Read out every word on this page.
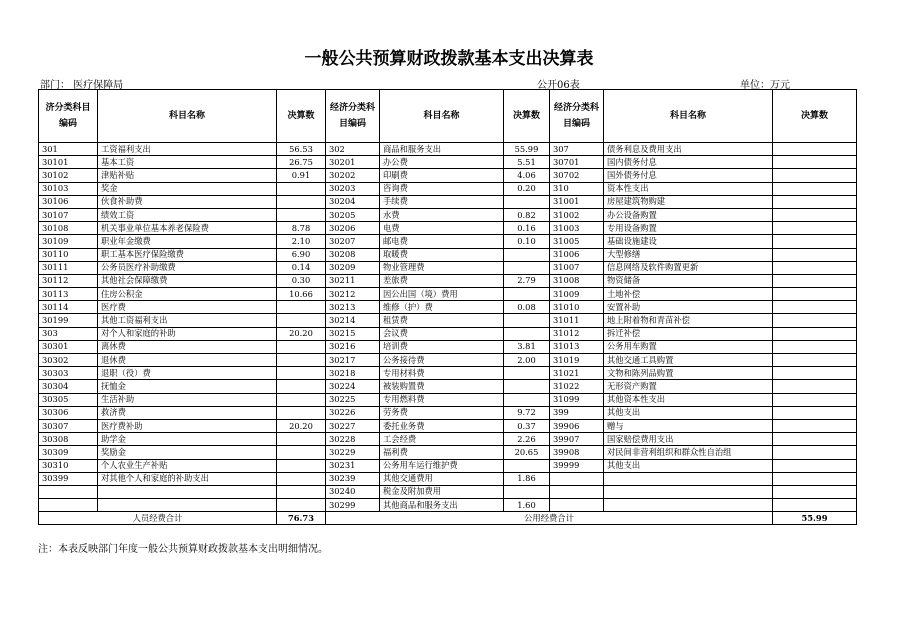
一般公共预算财政拨款基本支出决算表
部门： 医疗保障局	公开06表	单位：万元
济分类科目编码	科目名称	决算数	经济分类科目编码	科目名称	决算数	经济分类科目编码	科目名称	决算数
301	工资福利支出	56.53	302	商品和服务支出	55.99	307	债务利息及费用支出	
30101	基本工资	26.75	30201	办公费	5.51	30701	国内债务付息	
30102	津贴补贴	0.91	30202	印刷费	4.06	30702	国外债务付息	
30103	奖金		30203	咨询费	0.20	310	资本性支出	
30106	伙食补助费		30204	手续费		31001	房屋建筑物购建	
30107	绩效工资		30205	水费	0.82	31002	办公设备购置	
30108	机关事业单位基本养老保险费	8.78	30206	电费	0.16	31003	专用设备购置	
30109	职业年金缴费	2.10	30207	邮电费	0.10	31005	基础设施建设	
30110	职工基本医疗保险缴费	6.90	30208	取暖费		31006	大型修缮	
30111	公务员医疗补助缴费	0.14	30209	物业管理费		31007	信息网络及软件购置更新	
30112	其他社会保障缴费	0.30	30211	差旅费	2.79	31008	物资储备	
30113	住房公积金	10.66	30212	因公出国（境）费用		31009	土地补偿	
30114	医疗费		30213	维修（护）费	0.08	31010	安置补助	
30199	其他工资福利支出		30214	租赁费		31011	地上附着物和青苗补偿	
303	对个人和家庭的补助	20.20	30215	会议费		31012	拆迁补偿	
30301	离休费		30216	培训费	3.81	31013	公务用车购置	
30302	退休费		30217	公务接待费	2.00	31019	其他交通工具购置	
30303	退职（役）费		30218	专用材料费		31021	文物和陈列品购置	
30304	抚恤金		30224	被装购置费		31022	无形资产购置	
30305	生活补助		30225	专用燃料费		31099	其他资本性支出	
30306	救济费		30226	劳务费	9.72	399	其他支出	
30307	医疗费补助	20.20	30227	委托业务费	0.37	39906	赠与	
30308	助学金		30228	工会经费	2.26	39907	国家赔偿费用支出	
30309	奖励金		30229	福利费	20.65	39908	对民间非营利组织和群众性自治组	
30310	个人农业生产补贴		30231	公务用车运行维护费		39999	其他支出	
30399	对其他个人和家庭的补助支出		30239	其他交通费用	1.86			
			30240	税金及附加费用				
			30299	其他商品和服务支出	1.60			
人员经费合计		76.73	公用经费合计					55.99
注：本表反映部门年度一般公共预算财政拨款基本支出明细情况。
